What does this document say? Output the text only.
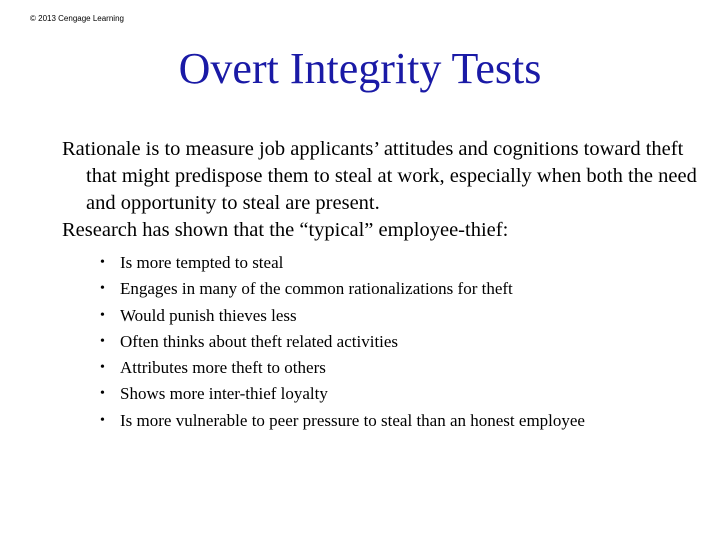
© 2013 Cengage Learning
Overt Integrity Tests

Rationale is to measure job applicants’ attitudes and cognitions toward theft that might predispose them to steal at work, especially when both the need and opportunity to steal are present.

Research has shown that the “typical” employee-thief:

• Is more tempted to steal
• Engages in many of the common rationalizations for theft
• Would punish thieves less
• Often thinks about theft related activities
• Attributes more theft to others
• Shows more inter-thief loyalty
• Is more vulnerable to peer pressure to steal than an honest employee
